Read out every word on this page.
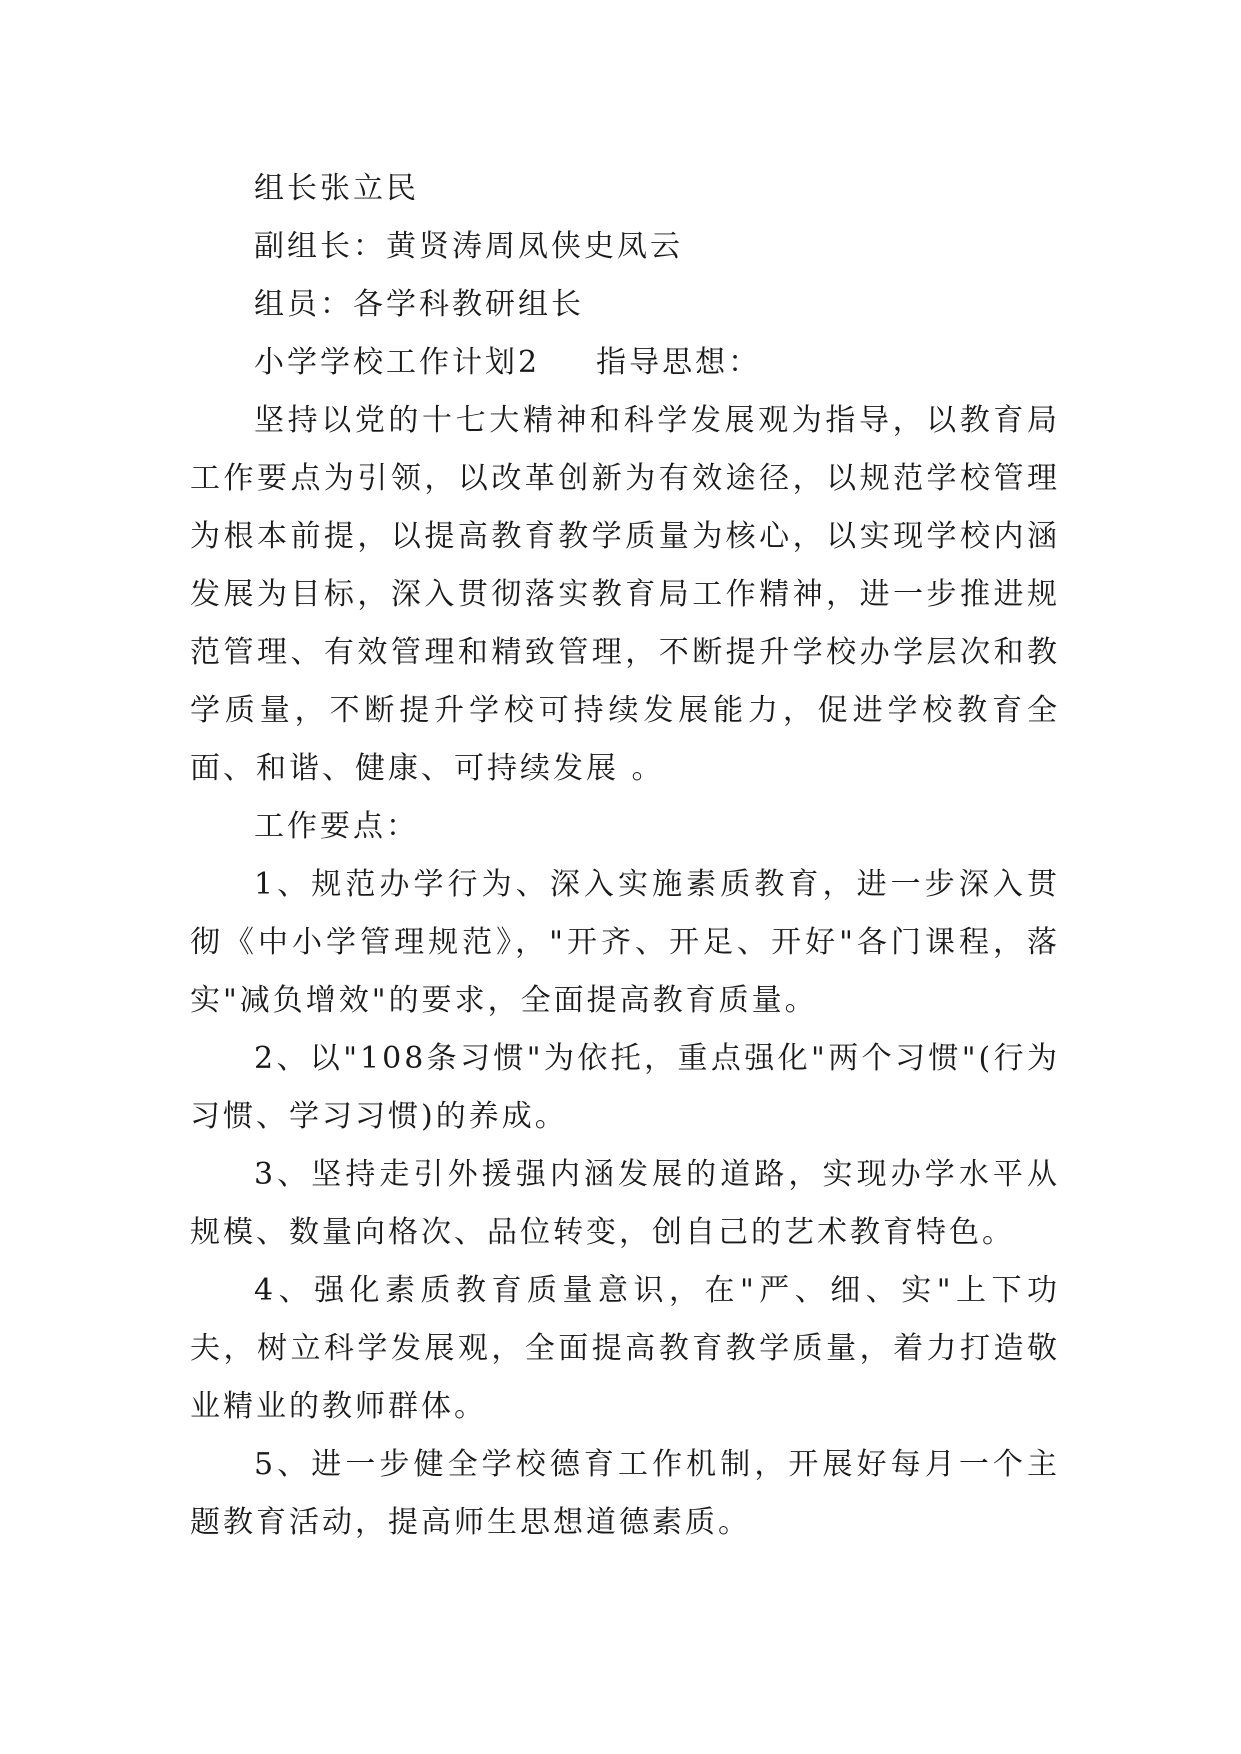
组长张立民

副组长：黄贤涛周凤侠史凤云

组员：各学科教研组长

小学学校工作计划2 指导思想：

坚持以党的十七大精神和科学发展观为指导，以教育局工作要点为引领，以改革创新为有效途径，以规范学校管理为根本前提，以提高教育教学质量为核心，以实现学校内涵发展为目标，深入贯彻落实教育局工作精神，进一步推进规范管理、有效管理和精致管理，不断提升学校办学层次和教学质量，不断提升学校可持续发展能力，促进学校教育全面、和谐、健康、可持续发展 。

工作要点：

1、规范办学行为、深入实施素质教育，进一步深入贯彻《中小学管理规范》，"开齐、开足、开好"各门课程，落实"减负增效"的要求，全面提高教育质量。

2、以"108条习惯"为依托，重点强化"两个习惯"(行为习惯、学习习惯)的养成。

3、坚持走引外援强内涵发展的道路，实现办学水平从规模、数量向格次、品位转变，创自己的艺术教育特色。

4、强化素质教育质量意识，在"严、细、实"上下功夫，树立科学发展观，全面提高教育教学质量，着力打造敬业精业的教师群体。

5、进一步健全学校德育工作机制，开展好每月一个主题教育活动，提高师生思想道德素质。
